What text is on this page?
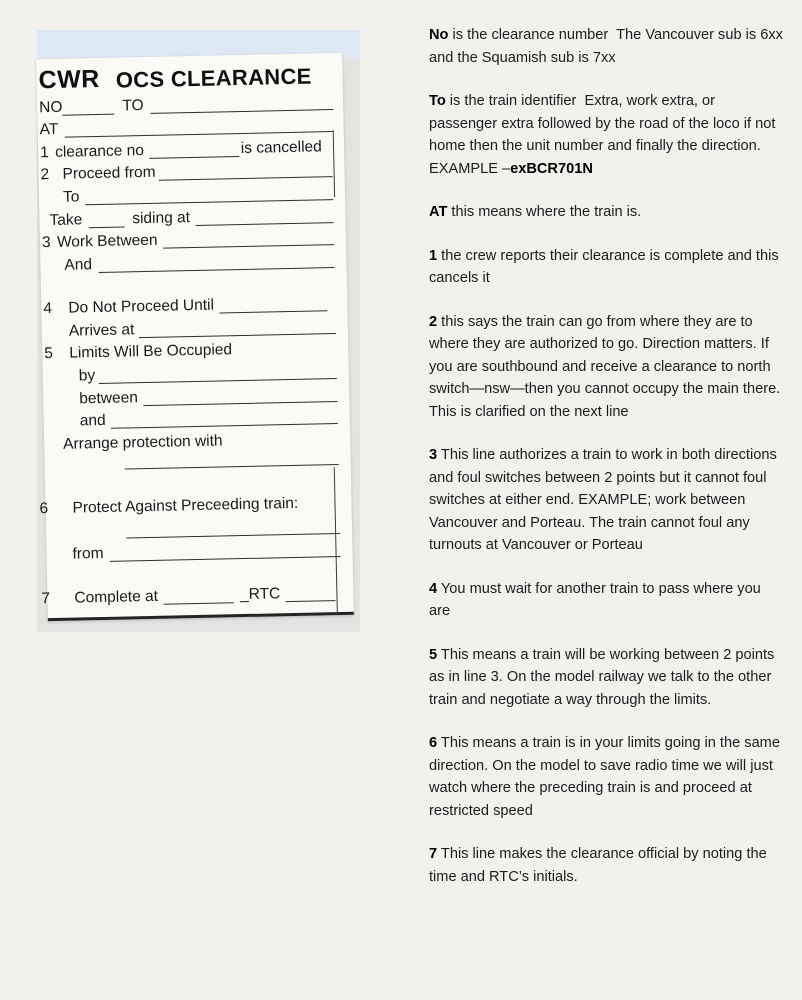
CWR OCS CLEARANCE
NO	TO
AT
1 clearance no	is cancelled
2 Proceed from
To
Take	siding at
3 Work Between
And
4	Do Not Proceed Until
Arrives at
5	Limits Will Be Occupied
by
between
and
Arrange protection with
6	Protect Against Preceeding train:
from
7	Complete at	_RTC

No is the clearance number  The Vancouver sub is 6xx and the Squamish sub is 7xx

To is the train identifier  Extra, work extra, or passenger extra followed by the road of the loco if not home then the unit number and finally the direction. EXAMPLE –exBCR701N

AT this means where the train is.

1 the crew reports their clearance is complete and this cancels it

2 this says the train can go from where they are to where they are authorized to go. Direction matters. If you are southbound and receive a clearance to north switch—nsw—then you cannot occupy the main there. This is clarified on the next line

3 This line authorizes a train to work in both directions and foul switches between 2 points but it cannot foul switches at either end. EXAMPLE; work between Vancouver and Porteau. The train cannot foul any turnouts at Vancouver or Porteau

4 You must wait for another train to pass where you are

5 This means a train will be working between 2 points as in line 3. On the model railway we talk to the other train and negotiate a way through the limits.

6 This means a train is in your limits going in the same direction. On the model to save radio time we will just watch where the preceding train is and proceed at restricted speed

7 This line makes the clearance official by noting the time and RTC’s initials.
